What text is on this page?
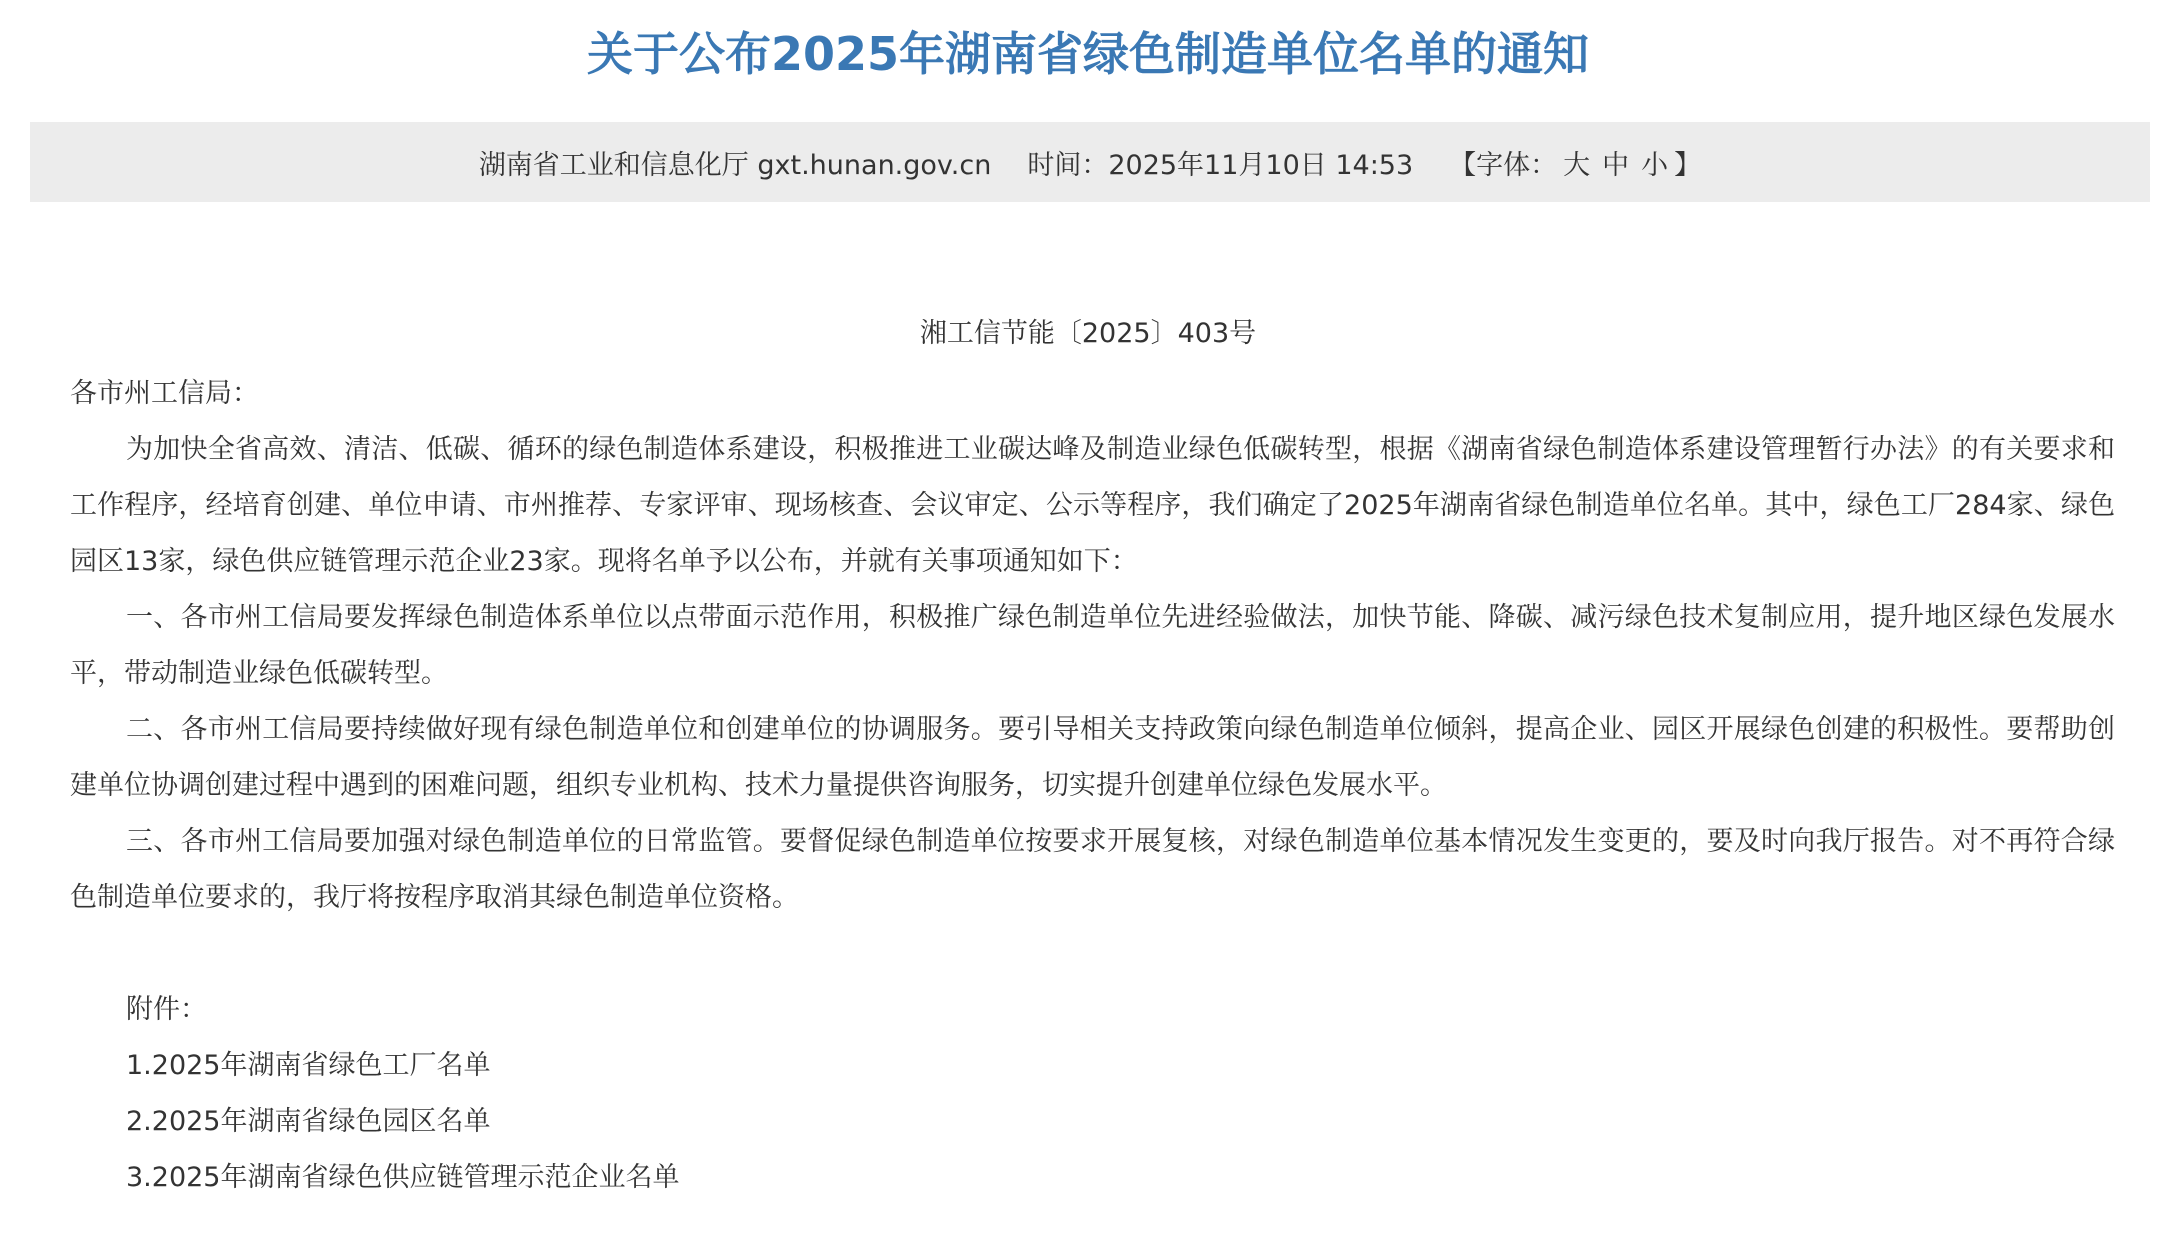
关于公布2025年湖南省绿色制造单位名单的通知
湖南省工业和信息化厅 gxt.hunan.gov.cn 时间： 2025年11月10日 14:53 【字体： 大 中 小 】
湘工信节能〔2025〕403号

各市州工信局：

为加快全省高效、清洁、低碳、循环的绿色制造体系建设，积极推进工业碳达峰及制造业绿色低碳转型，根据《湖南省绿色制造体系建设管理暂行办法》的有关要求和工作程序，经培育创建、单位申请、市州推荐、专家评审、现场核查、会议审定、公示等程序，我们确定了2025年湖南省绿色制造单位名单。其中，绿色工厂284家、绿色园区13家，绿色供应链管理示范企业23家。现将名单予以公布，并就有关事项通知如下：

一、各市州工信局要发挥绿色制造体系单位以点带面示范作用，积极推广绿色制造单位先进经验做法，加快节能、降碳、减污绿色技术复制应用，提升地区绿色发展水平，带动制造业绿色低碳转型。

二、各市州工信局要持续做好现有绿色制造单位和创建单位的协调服务。要引导相关支持政策向绿色制造单位倾斜，提高企业、园区开展绿色创建的积极性。要帮助创建单位协调创建过程中遇到的困难问题，组织专业机构、技术力量提供咨询服务，切实提升创建单位绿色发展水平。

三、各市州工信局要加强对绿色制造单位的日常监管。要督促绿色制造单位按要求开展复核，对绿色制造单位基本情况发生变更的，要及时向我厅报告。对不再符合绿色制造单位要求的，我厅将按程序取消其绿色制造单位资格。

附件：

1.2025年湖南省绿色工厂名单

2.2025年湖南省绿色园区名单

3.2025年湖南省绿色供应链管理示范企业名单
